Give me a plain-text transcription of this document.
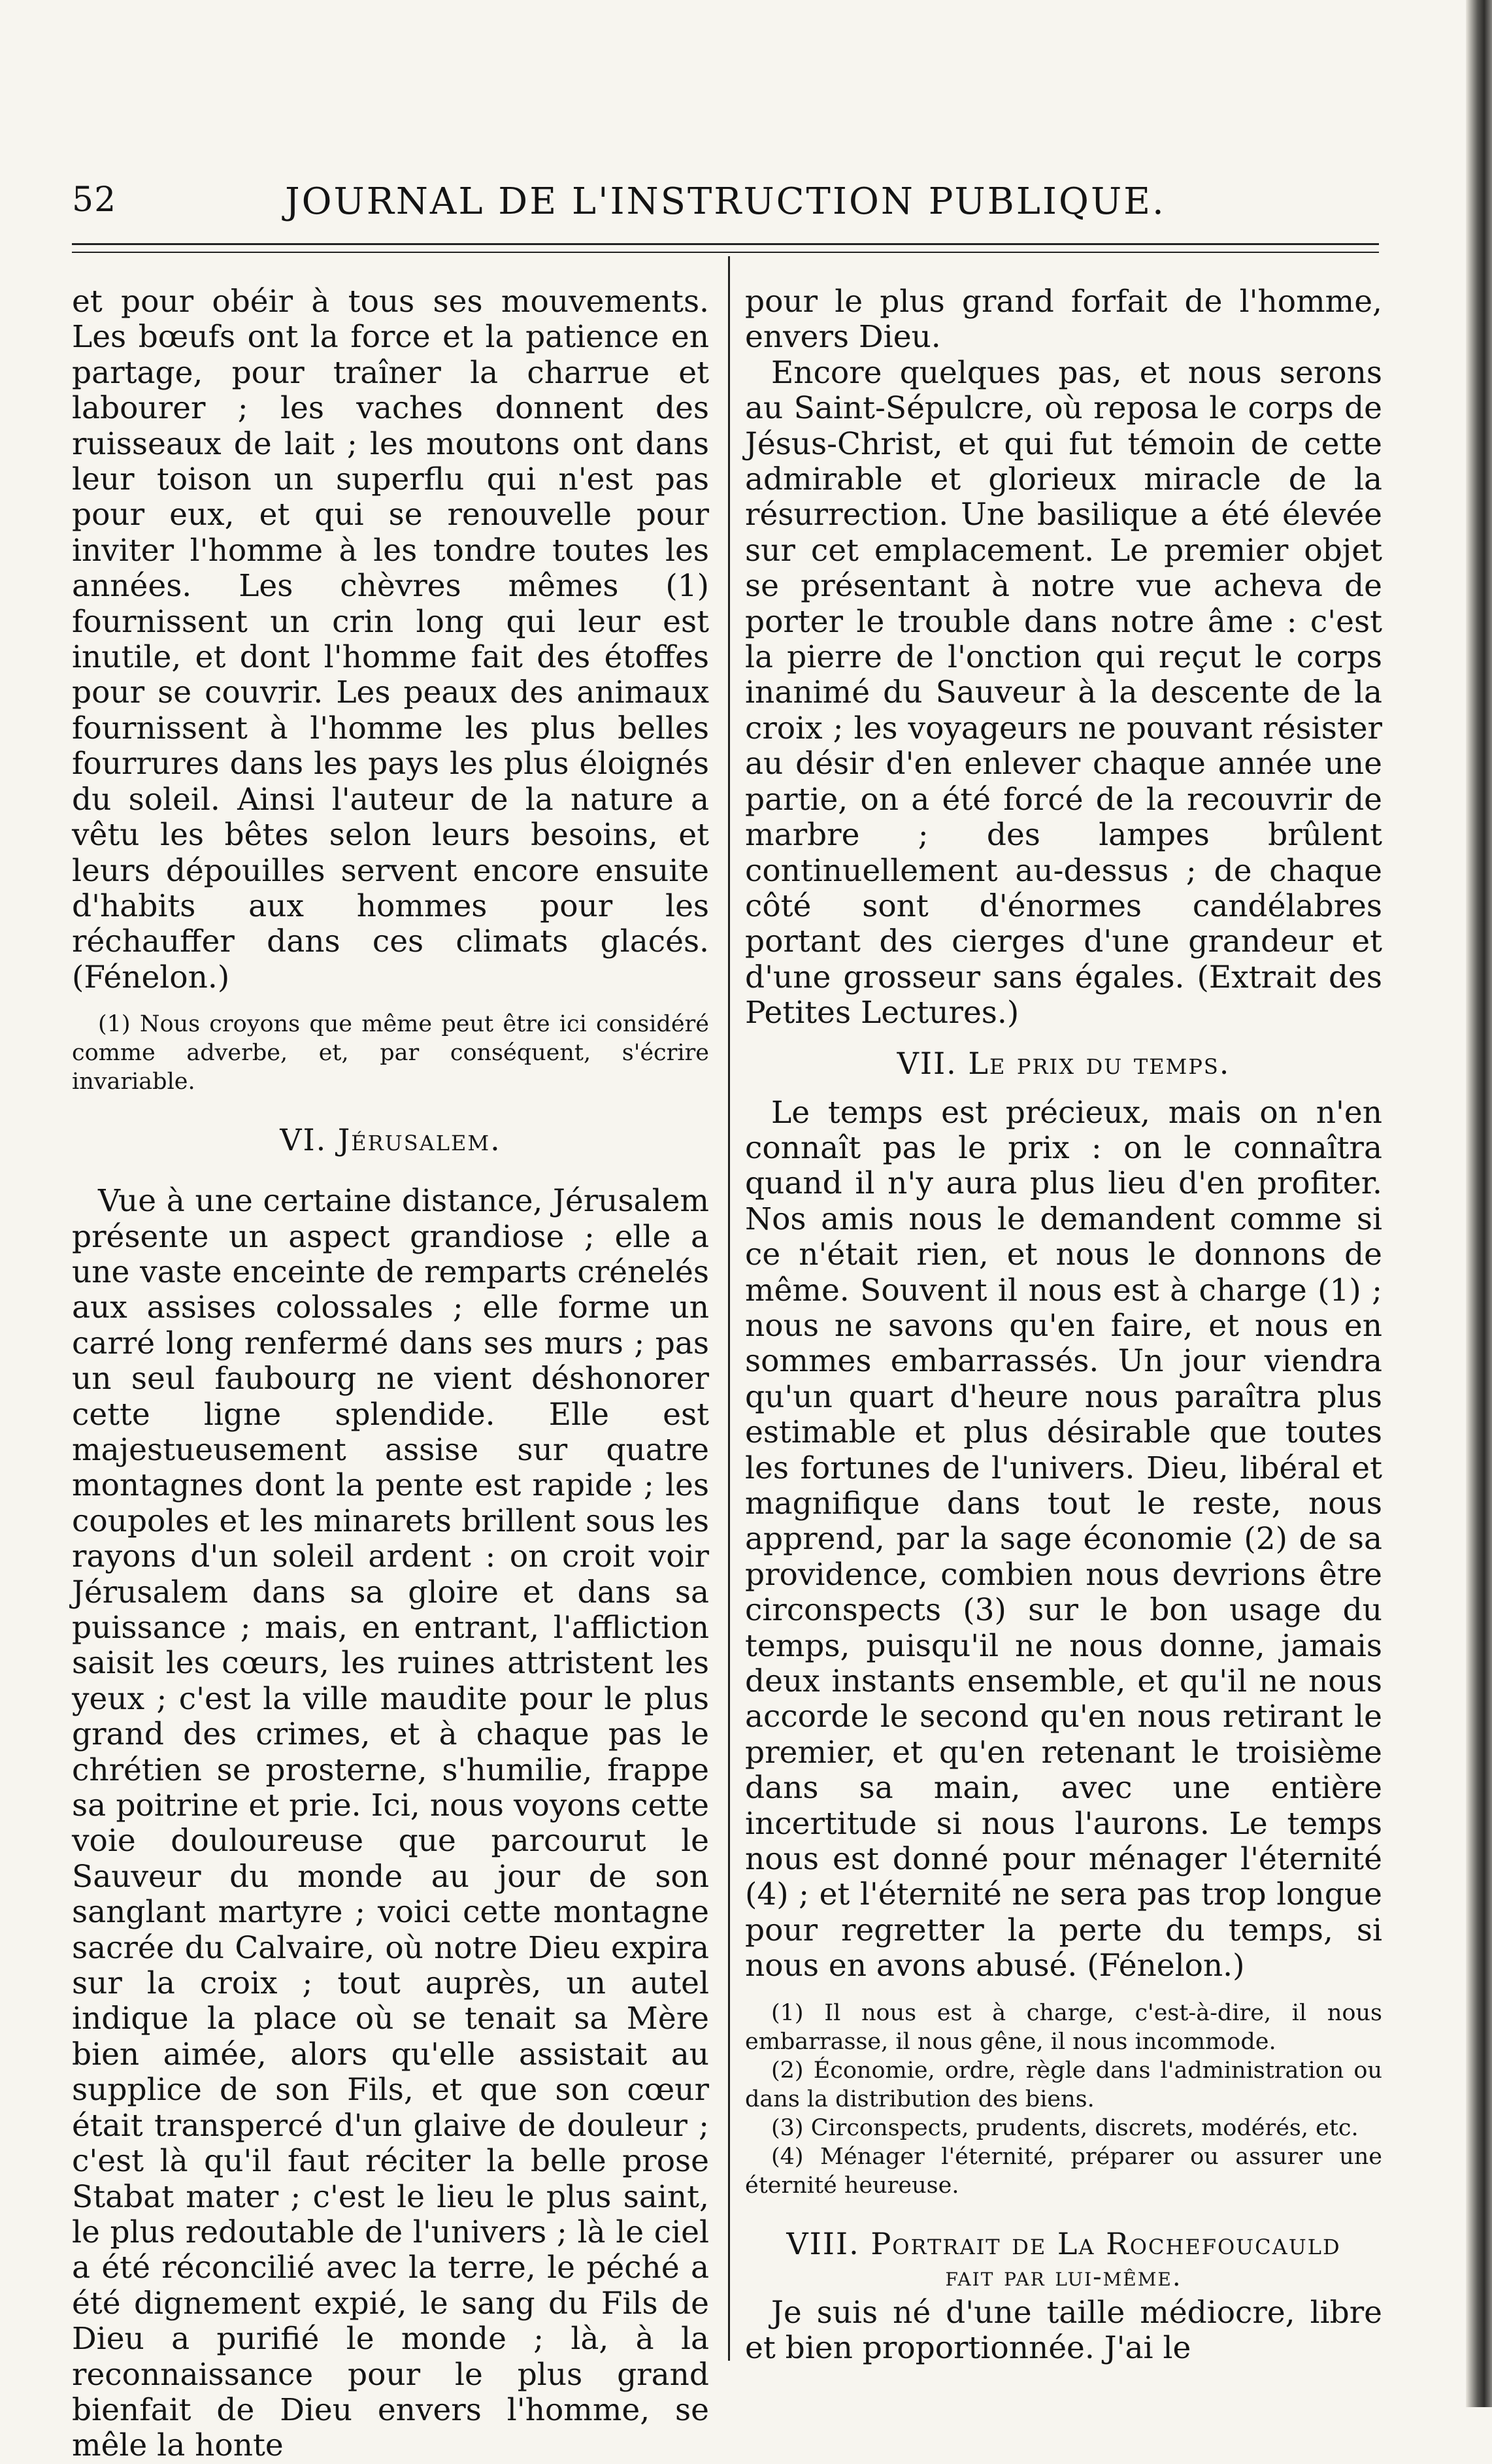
52	JOURNAL DE L'INSTRUCTION PUBLIQUE.

et pour obéir à tous ses mouvements. Les bœufs ont la force et la patience en partage, pour traîner la charrue et labourer ; les vaches donnent des ruisseaux de lait ; les moutons ont dans leur toison un superflu qui n'est pas pour eux, et qui se renouvelle pour inviter l'homme à les tondre toutes les années. Les chèvres mêmes (1) fournissent un crin long qui leur est inutile, et dont l'homme fait des étoffes pour se couvrir. Les peaux des animaux fournissent à l'homme les plus belles fourrures dans les pays les plus éloignés du soleil. Ainsi l'auteur de la nature a vêtu les bêtes selon leurs besoins, et leurs dépouilles servent encore ensuite d'habits aux hommes pour les réchauffer dans ces climats glacés. (Fénelon.)

(1) Nous croyons que même peut être ici considéré comme adverbe, et, par conséquent, s'écrire invariable.

VI. Jérusalem.

Vue à une certaine distance, Jérusalem présente un aspect grandiose ; elle a une vaste enceinte de remparts crénelés aux assises colossales ; elle forme un carré long renfermé dans ses murs ; pas un seul faubourg ne vient déshonorer cette ligne splendide. Elle est majestueusement assise sur quatre montagnes dont la pente est rapide ; les coupoles et les minarets brillent sous les rayons d'un soleil ardent : on croit voir Jérusalem dans sa gloire et dans sa puissance ; mais, en entrant, l'affliction saisit les cœurs, les ruines attristent les yeux ; c'est la ville maudite pour le plus grand des crimes, et à chaque pas le chrétien se prosterne, s'humilie, frappe sa poitrine et prie. Ici, nous voyons cette voie douloureuse que parcourut le Sauveur du monde au jour de son sanglant martyre ; voici cette montagne sacrée du Calvaire, où notre Dieu expira sur la croix ; tout auprès, un autel indique la place où se tenait sa Mère bien aimée, alors qu'elle assistait au supplice de son Fils, et que son cœur était transpercé d'un glaive de douleur ; c'est là qu'il faut réciter la belle prose Stabat mater ; c'est le lieu le plus saint, le plus redoutable de l'univers ; là le ciel a été réconcilié avec la terre, le péché a été dignement expié, le sang du Fils de Dieu a purifié le monde ; là, à la reconnaissance pour le plus grand bienfait de Dieu envers l'homme, se mêle la honte

pour le plus grand forfait de l'homme, envers Dieu.

Encore quelques pas, et nous serons au Saint-Sépulcre, où reposa le corps de Jésus-Christ, et qui fut témoin de cette admirable et glorieux miracle de la résurrection. Une basilique a été élevée sur cet emplacement. Le premier objet se présentant à notre vue acheva de porter le trouble dans notre âme : c'est la pierre de l'onction qui reçut le corps inanimé du Sauveur à la descente de la croix ; les voyageurs ne pouvant résister au désir d'en enlever chaque année une partie, on a été forcé de la recouvrir de marbre ; des lampes brûlent continuellement au-dessus ; de chaque côté sont d'énormes candélabres portant des cierges d'une grandeur et d'une grosseur sans égales. (Extrait des Petites Lectures.)

VII. Le prix du temps.

Le temps est précieux, mais on n'en connaît pas le prix : on le connaîtra quand il n'y aura plus lieu d'en profiter. Nos amis nous le demandent comme si ce n'était rien, et nous le donnons de même. Souvent il nous est à charge (1) ; nous ne savons qu'en faire, et nous en sommes embarrassés. Un jour viendra qu'un quart d'heure nous paraîtra plus estimable et plus désirable que toutes les fortunes de l'univers. Dieu, libéral et magnifique dans tout le reste, nous apprend, par la sage économie (2) de sa providence, combien nous devrions être circonspects (3) sur le bon usage du temps, puisqu'il ne nous donne, jamais deux instants ensemble, et qu'il ne nous accorde le second qu'en nous retirant le premier, et qu'en retenant le troisième dans sa main, avec une entière incertitude si nous l'aurons. Le temps nous est donné pour ménager l'éternité (4) ; et l'éternité ne sera pas trop longue pour regretter la perte du temps, si nous en avons abusé. (Fénelon.)

(1) Il nous est à charge, c'est-à-dire, il nous embarrasse, il nous gêne, il nous incommode.

(2) Économie, ordre, règle dans l'administration ou dans la distribution des biens.

(3) Circonspects, prudents, discrets, modérés, etc.

(4) Ménager l'éternité, préparer ou assurer une éternité heureuse.

VIII. Portrait de La Rochefoucauld

fait par lui-même.

Je suis né d'une taille médiocre, libre et bien proportionnée. J'ai le
